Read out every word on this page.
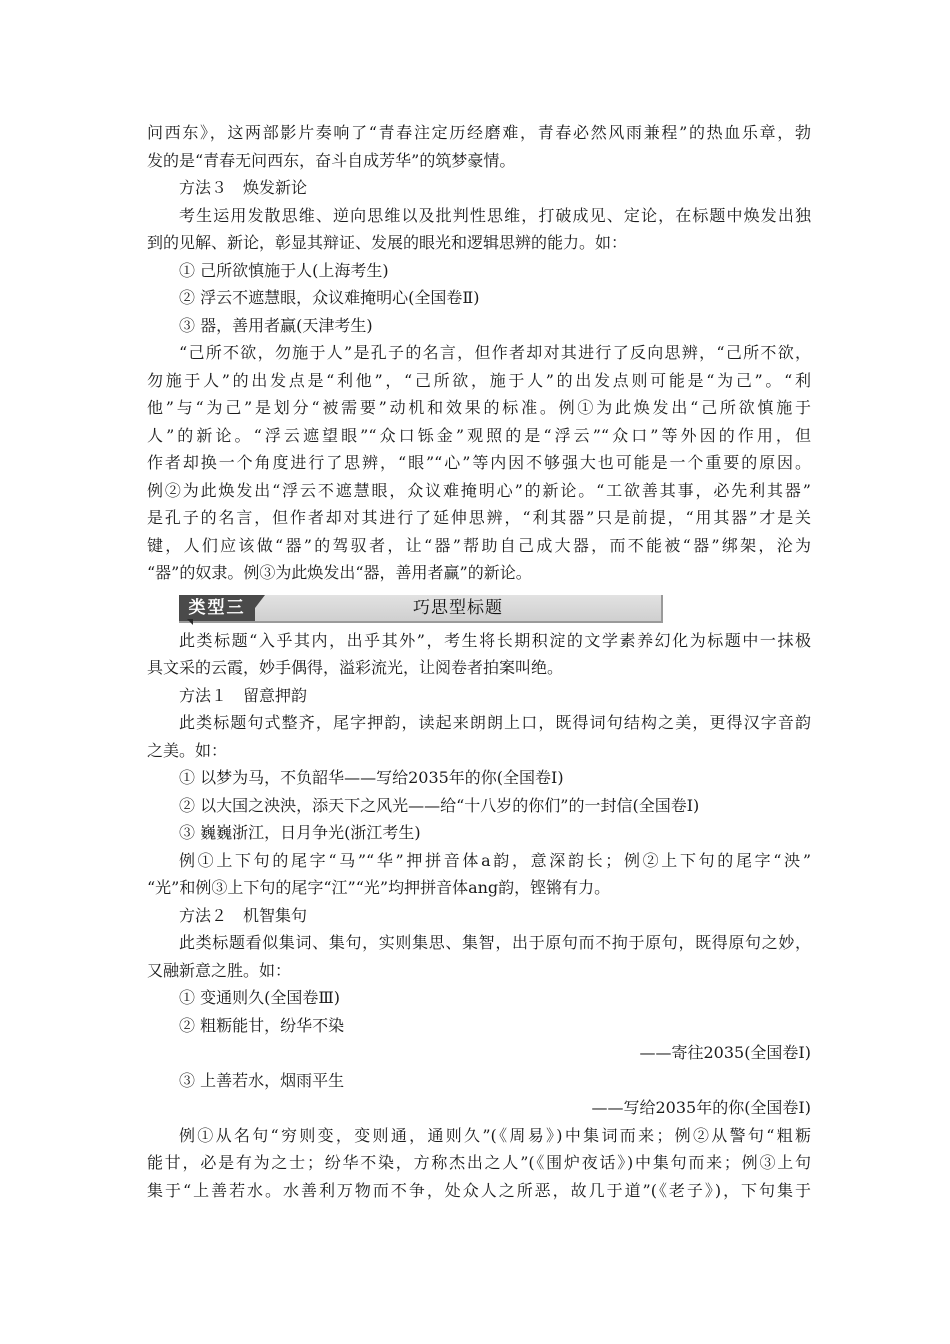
问西东》，这两部影片奏响了“青春注定历经磨难，青春必然风雨兼程”的热血乐章，勃

发的是“青春无问西东，奋斗自成芳华”的筑梦豪情。

方法３　焕发新论

考生运用发散思维、逆向思维以及批判性思维，打破成见、定论，在标题中焕发出独

到的见解、新论，彰显其辩证、发展的眼光和逻辑思辨的能力。如：

① 己所欲慎施于人(上海考生)

② 浮云不遮慧眼，众议难掩明心(全国卷Ⅱ)

③ 器，善用者赢(天津考生)

“己所不欲，勿施于人”是孔子的名言，但作者却对其进行了反向思辨，“己所不欲，

勿施于人”的出发点是“利他”，“己所欲，施于人”的出发点则可能是“为己”。“利

他”与“为己”是划分“被需要”动机和效果的标准。例①为此焕发出“己所欲慎施于

人”的新论。“浮云遮望眼”“众口铄金”观照的是“浮云”“众口”等外因的作用，但

作者却换一个角度进行了思辨，“眼”“心”等内因不够强大也可能是一个重要的原因。

例②为此焕发出“浮云不遮慧眼，众议难掩明心”的新论。“工欲善其事，必先利其器”

是孔子的名言，但作者却对其进行了延伸思辨，“利其器”只是前提，“用其器”才是关

键，人们应该做“器”的驾驭者，让“器”帮助自己成大器，而不能被“器”绑架，沦为

“器”的奴隶。例③为此焕发出“器，善用者赢”的新论。

类型三	巧思型标题

此类标题“入乎其内，出乎其外”，考生将长期积淀的文学素养幻化为标题中一抹极

具文采的云霞，妙手偶得，溢彩流光，让阅卷者拍案叫绝。

方法１　留意押韵

此类标题句式整齐，尾字押韵，读起来朗朗上口，既得词句结构之美，更得汉字音韵

之美。如：

① 以梦为马，不负韶华——写给2035年的你(全国卷Ⅰ)

② 以大国之泱泱，添天下之风光——给“十八岁的你们”的一封信(全国卷Ⅰ)

③ 巍巍浙江，日月争光(浙江考生)

例①上下句的尾字“马”“华”押拼音体a韵，意深韵长；例②上下句的尾字“泱”

“光”和例③上下句的尾字“江”“光”均押拼音体ang韵，铿锵有力。

方法２　机智集句

此类标题看似集词、集句，实则集思、集智，出于原句而不拘于原句，既得原句之妙，

又融新意之胜。如：

① 变通则久(全国卷Ⅲ)

② 粗粝能甘，纷华不染

——寄往2035(全国卷Ⅰ)

③ 上善若水，烟雨平生

——写给2035年的你(全国卷Ⅰ)

例①从名句“穷则变，变则通，通则久”(《周易》)中集词而来；例②从警句“粗粝

能甘，必是有为之士；纷华不染，方称杰出之人”(《围炉夜话》)中集句而来；例③上句

集于“上善若水。水善利万物而不争，处众人之所恶，故几于道”(《老子》)，下句集于
